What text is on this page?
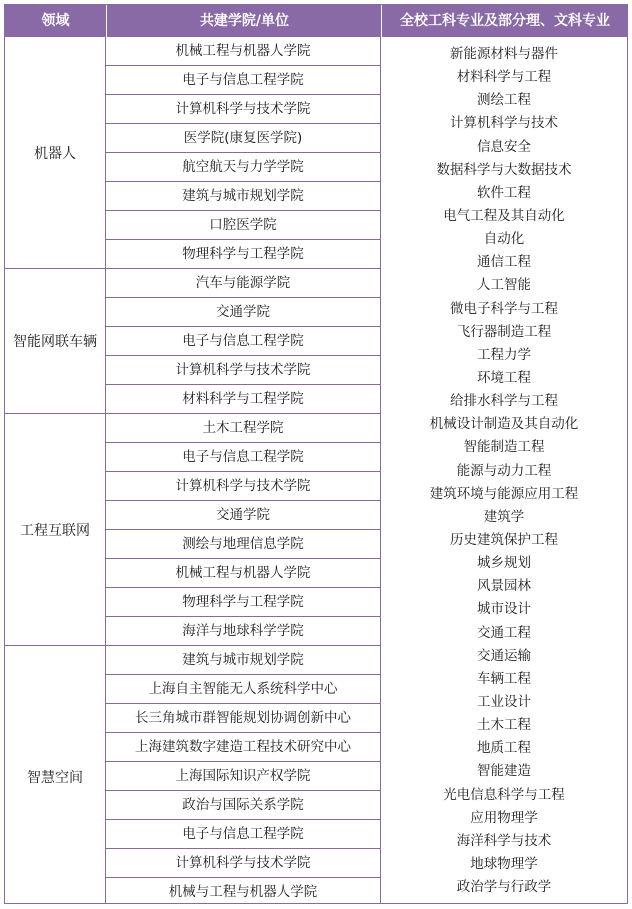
领域	共建学院/单位	全校工科专业及部分理、文科专业
机器人
智能网联车辆
工程互联网
智慧空间
机械工程与机器人学院
电子与信息工程学院
计算机科学与技术学院
医学院(康复医学院)
航空航天与力学学院
建筑与城市规划学院
口腔医学院
物理科学与工程学院
汽车与能源学院
交通学院
电子与信息工程学院
计算机科学与技术学院
材料科学与工程学院
土木工程学院
电子与信息工程学院
计算机科学与技术学院
交通学院
测绘与地理信息学院
机械工程与机器人学院
物理科学与工程学院
海洋与地球科学学院
建筑与城市规划学院
上海自主智能无人系统科学中心
长三角城市群智能规划协调创新中心
上海建筑数字建造工程技术研究中心
上海国际知识产权学院
政治与国际关系学院
电子与信息工程学院
计算机科学与技术学院
机械与工程与机器人学院
新能源材料与器件
材料科学与工程
测绘工程
计算机科学与技术
信息安全
数据科学与大数据技术
软件工程
电气工程及其自动化
自动化
通信工程
人工智能
微电子科学与工程
飞行器制造工程
工程力学
环境工程
给排水科学与工程
机械设计制造及其自动化
智能制造工程
能源与动力工程
建筑环境与能源应用工程
建筑学
历史建筑保护工程
城乡规划
风景园林
城市设计
交通工程
交通运输
车辆工程
工业设计
土木工程
地质工程
智能建造
光电信息科学与工程
应用物理学
海洋科学与技术
地球物理学
政治学与行政学
